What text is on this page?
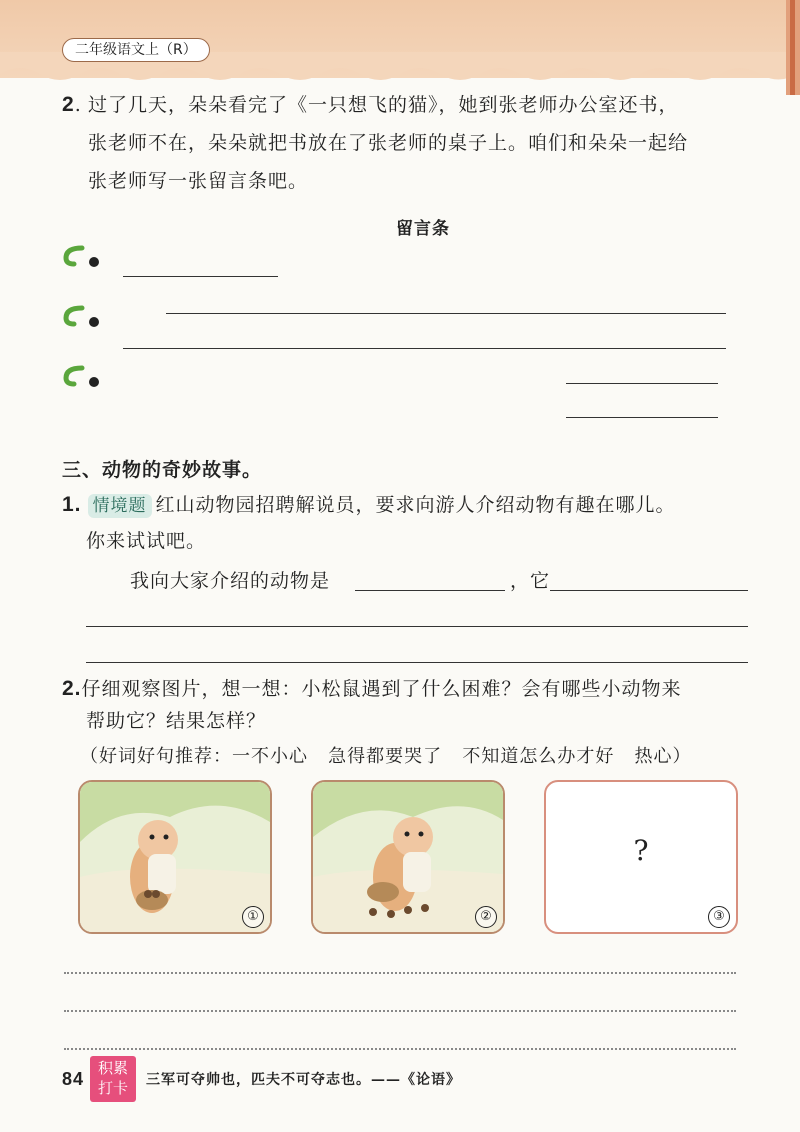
二年级语文上（R）
2. 过了几天，朵朵看完了《一只想飞的猫》，她到张老师办公室还书，
张老师不在，朵朵就把书放在了张老师的桌子上。咱们和朵朵一起给
张老师写一张留言条吧。
留言条
三、动物的奇妙故事。
1. 情境题 红山动物园招聘解说员，要求向游人介绍动物有趣在哪儿。
你来试试吧。
我向大家介绍的动物是	，它
2.仔细观察图片，想一想：小松鼠遇到了什么困难？会有哪些小动物来
帮助它？结果怎样？
（好词好句推荐：一不小心   急得都要哭了   不知道怎么办才好   热心）
①	②
?
③
84
积累
打卡	三军可夺帅也，匹夫不可夺志也。——《论语》
